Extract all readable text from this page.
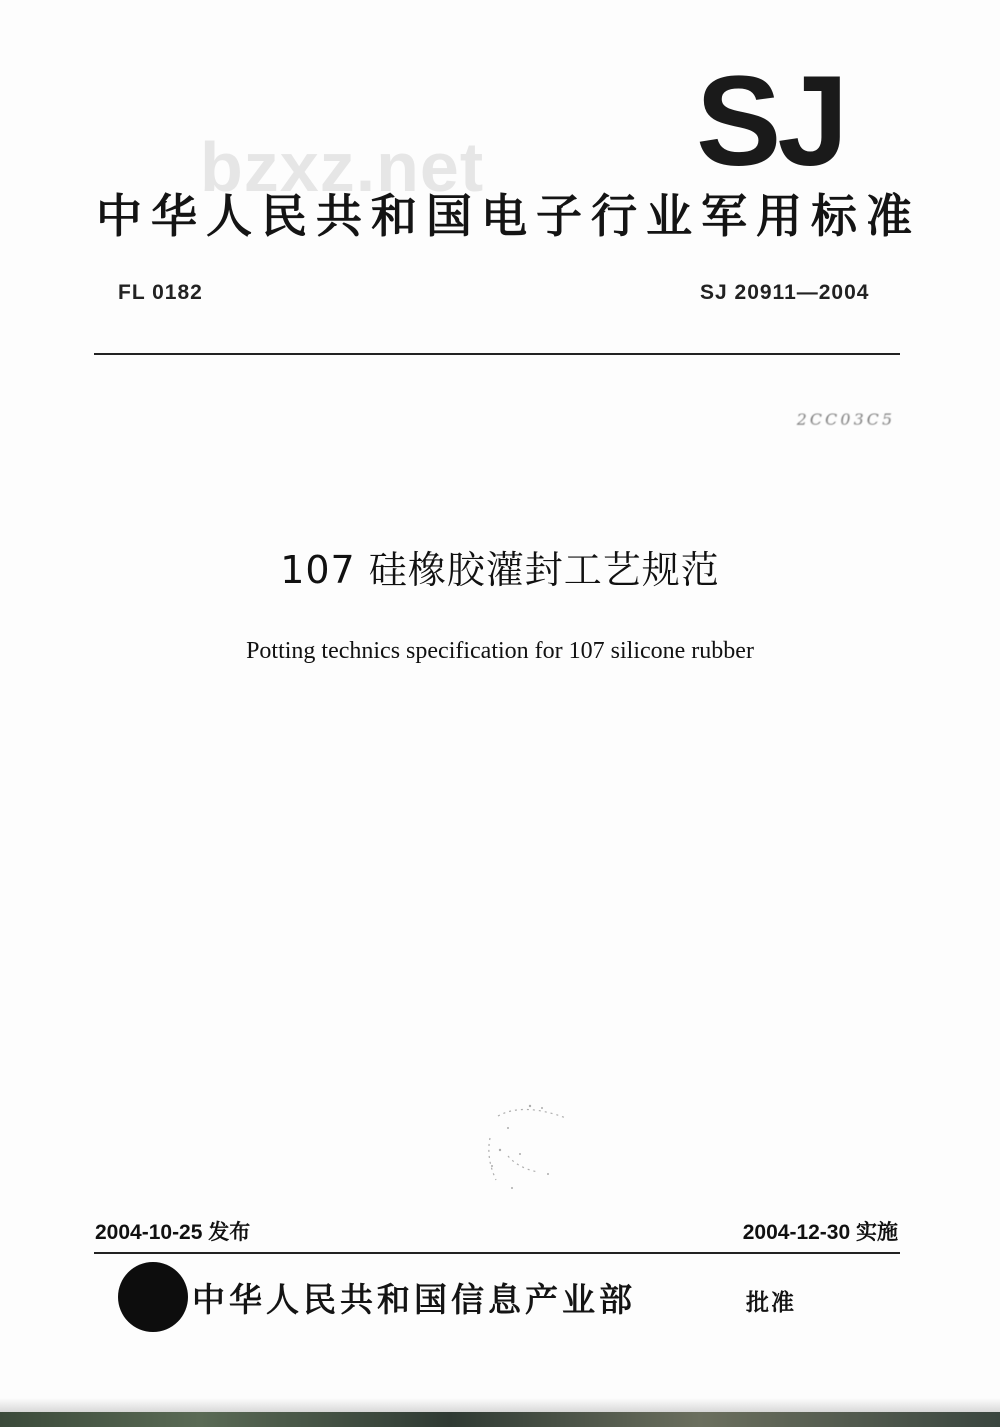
SJ
bzxz.net
中华人民共和国电子行业军用标准
FL 0182	SJ 20911—2004
2CC03C5
107 硅橡胶灌封工艺规范
Potting technics specification for 107 silicone rubber
2004-10-25 发布	2004-12-30 实施
中华人民共和国信息产业部	批准
